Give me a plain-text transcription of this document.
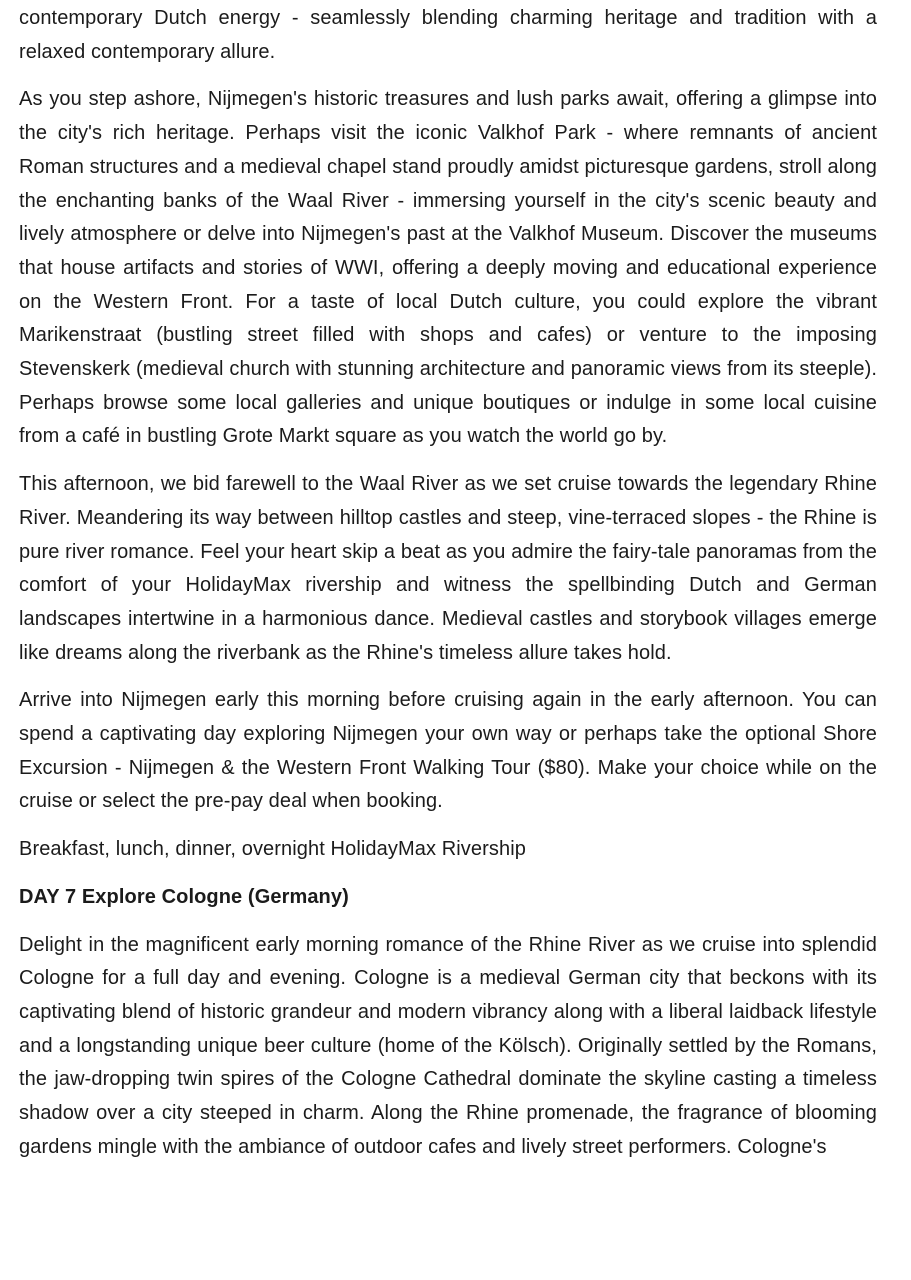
contemporary Dutch energy - seamlessly blending charming heritage and tradition with a relaxed contemporary allure.

As you step ashore, Nijmegen's historic treasures and lush parks await, offering a glimpse into the city's rich heritage. Perhaps visit the iconic Valkhof Park - where remnants of ancient Roman structures and a medieval chapel stand proudly amidst picturesque gardens, stroll along the enchanting banks of the Waal River - immersing yourself in the city's scenic beauty and lively atmosphere or delve into Nijmegen's past at the Valkhof Museum. Discover the museums that house artifacts and stories of WWI, offering a deeply moving and educational experience on the Western Front. For a taste of local Dutch culture, you could explore the vibrant Marikenstraat (bustling street filled with shops and cafes) or venture to the imposing Stevenskerk (medieval church with stunning architecture and panoramic views from its steeple). Perhaps browse some local galleries and unique boutiques or indulge in some local cuisine from a café in bustling Grote Markt square as you watch the world go by.

This afternoon, we bid farewell to the Waal River as we set cruise towards the legendary Rhine River. Meandering its way between hilltop castles and steep, vine-terraced slopes - the Rhine is pure river romance. Feel your heart skip a beat as you admire the fairy-tale panoramas from the comfort of your HolidayMax rivership and witness the spellbinding Dutch and German landscapes intertwine in a harmonious dance. Medieval castles and storybook villages emerge like dreams along the riverbank as the Rhine's timeless allure takes hold.

Arrive into Nijmegen early this morning before cruising again in the early afternoon. You can spend a captivating day exploring Nijmegen your own way or perhaps take the optional Shore Excursion - Nijmegen & the Western Front Walking Tour ($80). Make your choice while on the cruise or select the pre-pay deal when booking.

Breakfast, lunch, dinner, overnight HolidayMax Rivership

DAY 7 Explore Cologne (Germany)

Delight in the magnificent early morning romance of the Rhine River as we cruise into splendid Cologne for a full day and evening. Cologne is a medieval German city that beckons with its captivating blend of historic grandeur and modern vibrancy along with a liberal laidback lifestyle and a longstanding unique beer culture (home of the Kölsch). Originally settled by the Romans, the jaw-dropping twin spires of the Cologne Cathedral dominate the skyline casting a timeless shadow over a city steeped in charm. Along the Rhine promenade, the fragrance of blooming gardens mingle with the ambiance of outdoor cafes and lively street performers. Cologne's
